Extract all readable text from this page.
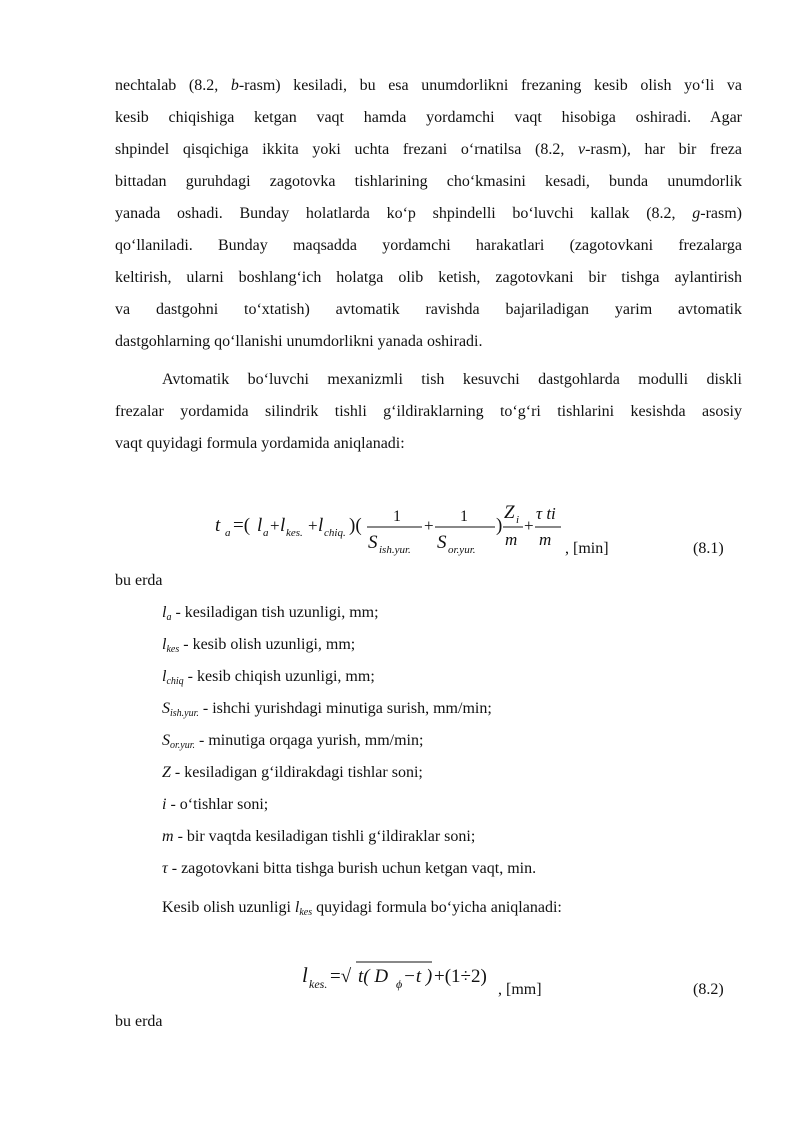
nechtalab (8.2, b-rasm) kesiladi, bu esa unumdorlikni frezaning kesib olish yo‘li va
kesib chiqishiga ketgan vaqt hamda yordamchi vaqt hisobiga oshiradi. Agar
shpindel qisqichiga ikkita yoki uchta frezani o‘rnatilsa (8.2, v-rasm), har bir freza
bittadan guruhdagi zagotovka tishlarining cho‘kmasini kesadi, bunda unumdorlik
yanada oshadi. Bunday holatlarda ko‘p shpindelli bo‘luvchi kallak (8.2, g-rasm)
qo‘llaniladi. Bunday maqsadda yordamchi harakatlari (zagotovkani frezalarga
keltirish, ularni boshlang‘ich holatga olib ketish, zagotovkani bir tishga aylantirish
va dastgohni to‘xtatish) avtomatik ravishda bajariladigan yarim avtomatik
dastgohlarning qo‘llanishi unumdorlikni yanada oshiradi.
Avtomatik bo‘luvchi mexanizmli tish kesuvchi dastgohlarda modulli diskli
frezalar yordamida silindrik tishli g‘ildiraklarning to‘g‘ri tishlarini kesishda asosiy
vaqt quyidagi formula yordamida aniqlanadi:
t a =( l a + l kes. + l chiq. )( 1
S ish.yur.
+ 1
S or.yur.
)
Z i
m
+
τ ti
m , [min]	(8.1)
bu erda
la - kesiladigan tish uzunligi, mm;
lkes - kesib olish uzunligi, mm;
lchiq - kesib chiqish uzunligi, mm;
Sish.yur. - ishchi yurishdagi minutiga surish, mm/min;
Sor.yur. - minutiga orqaga yurish, mm/min;
Z - kesiladigan g‘ildirakdagi tishlar soni;
i - o‘tishlar soni;
m - bir vaqtda kesiladigan tishli g‘ildiraklar soni;
τ - zagotovkani bitta tishga burish uchun ketgan vaqt, min.
Kesib olish uzunligi lkes quyidagi formula bo‘yicha aniqlanadi:
l kes. =√ t( D ϕ −t ) +(1÷2)
, [mm]	(8.2)
bu erda
